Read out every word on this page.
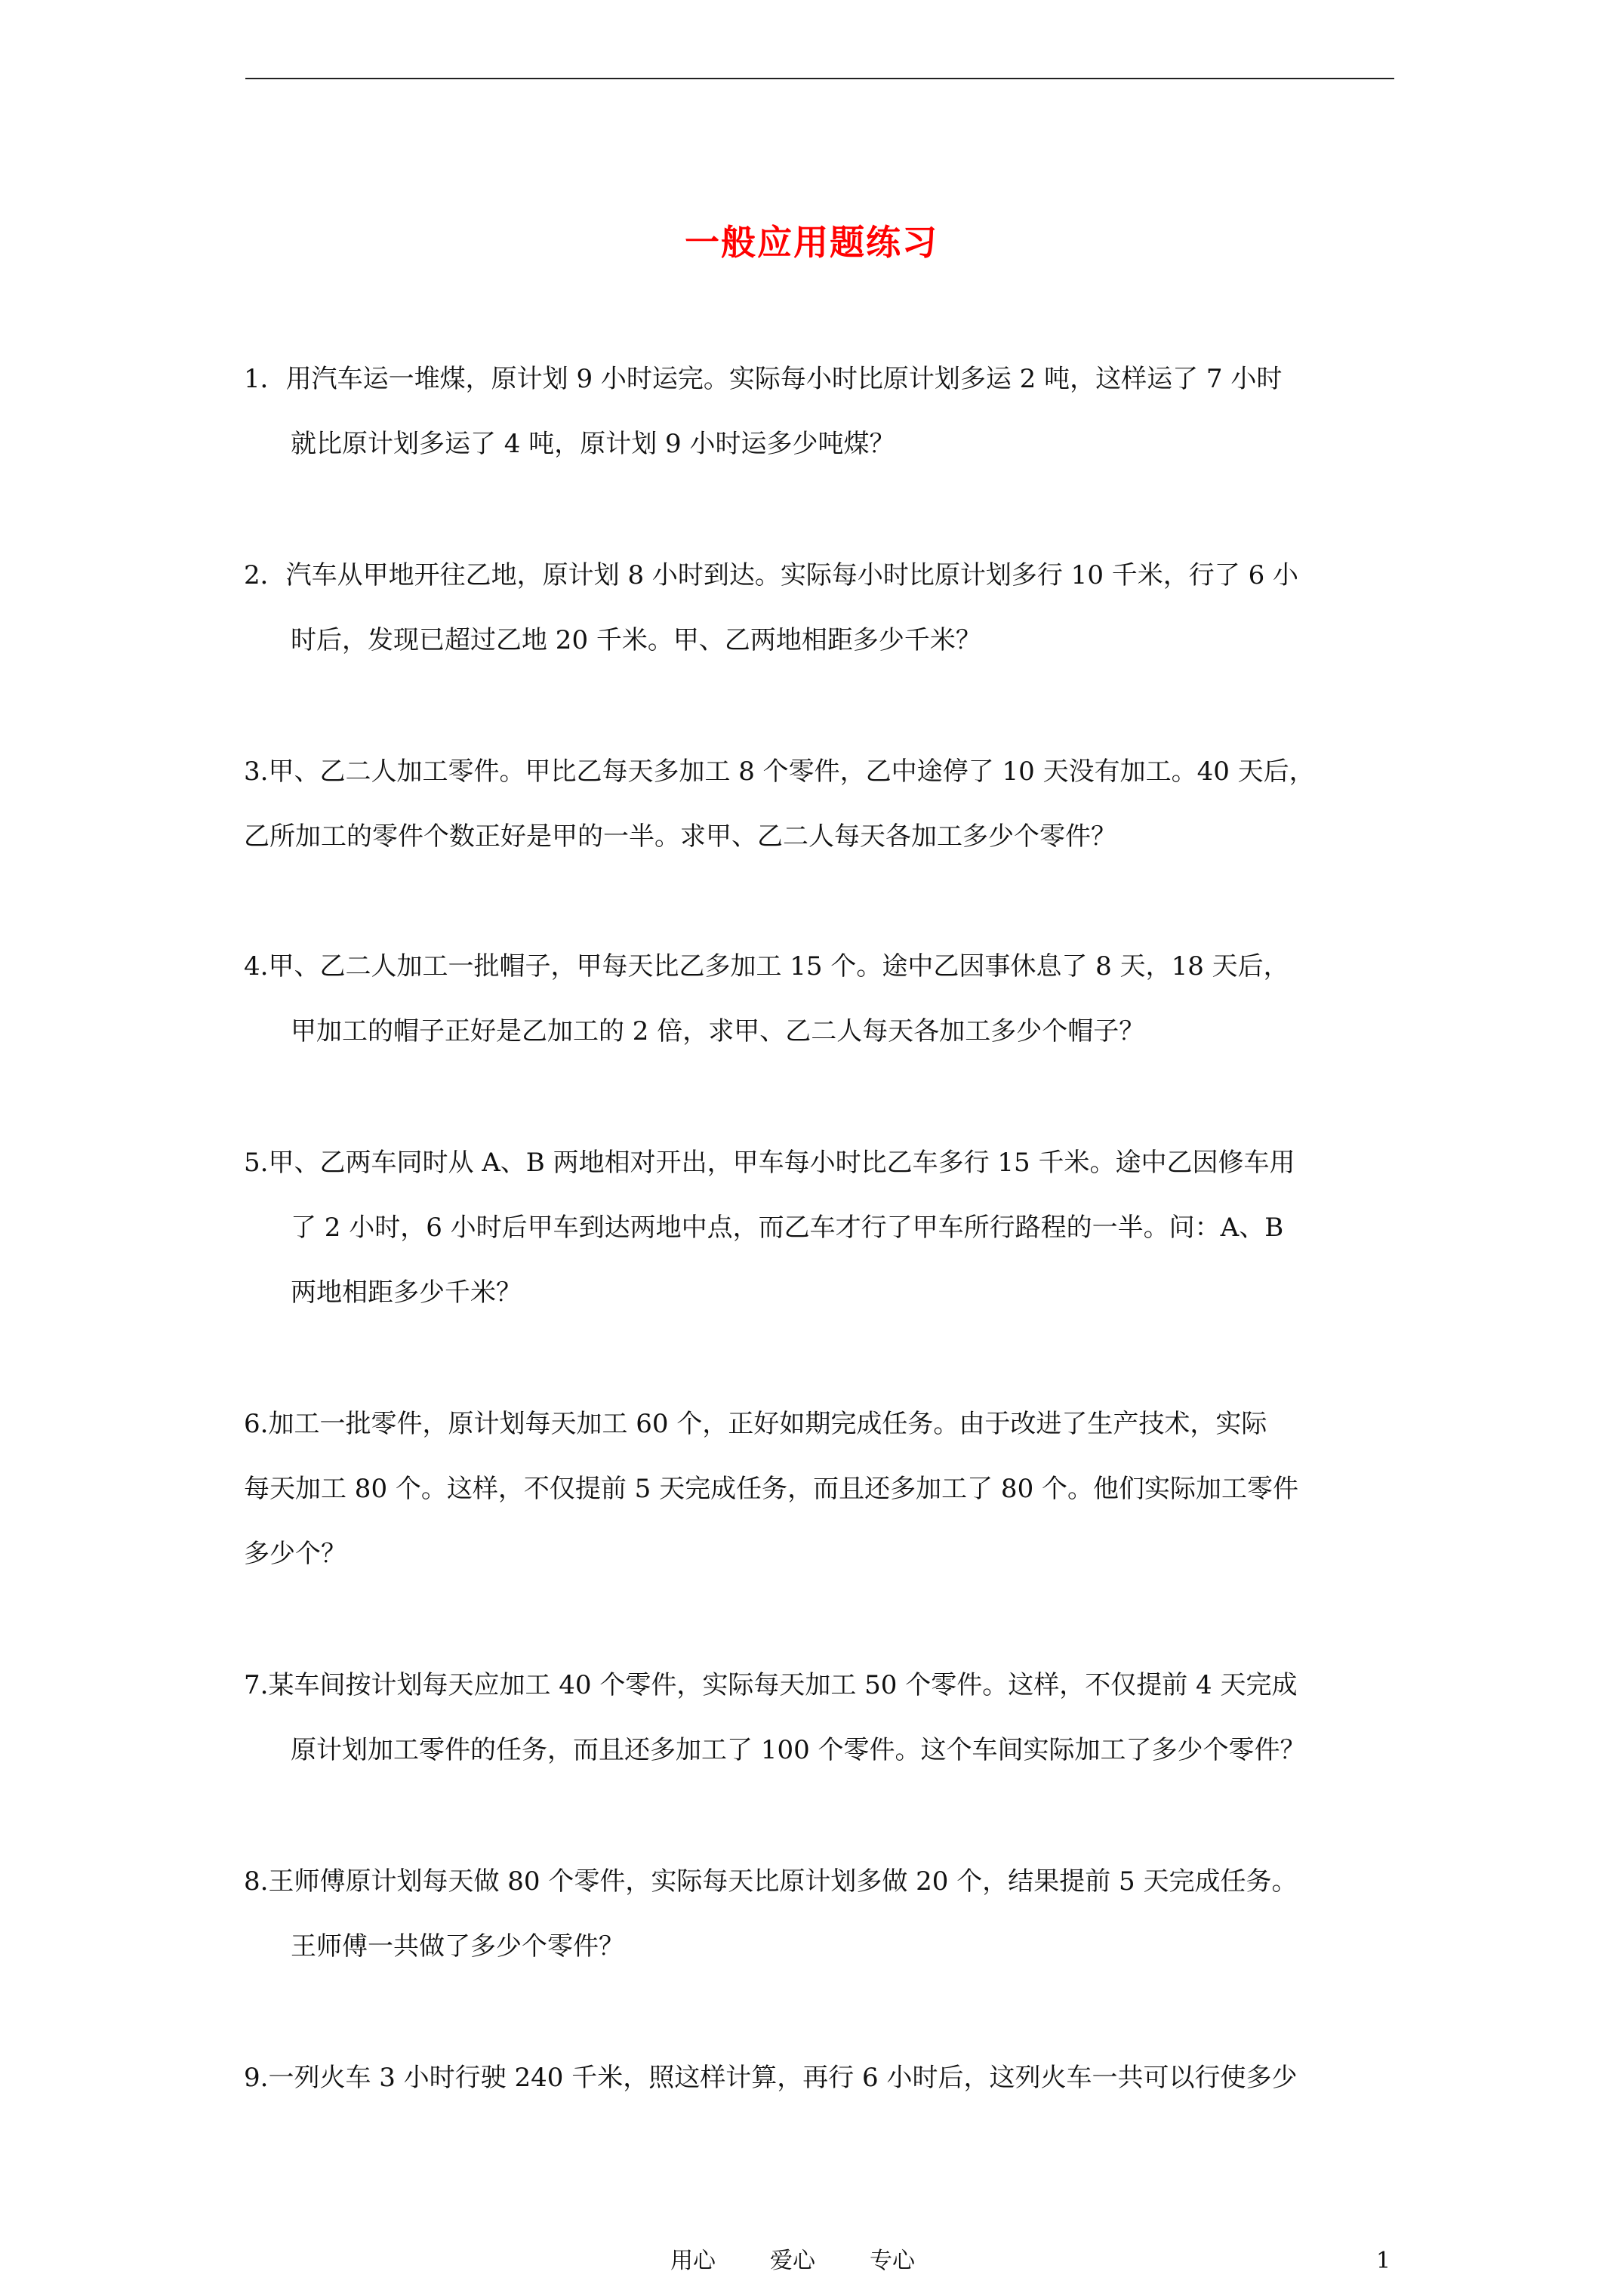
一般应用题练习
1．用汽车运一堆煤，原计划 9 小时运完。实际每小时比原计划多运 2 吨，这样运了 7 小时
就比原计划多运了 4 吨，原计划 9 小时运多少吨煤？
2．汽车从甲地开往乙地，原计划 8 小时到达。实际每小时比原计划多行 10 千米，行了 6 小
时后，发现已超过乙地 20 千米。甲、乙两地相距多少千米？
3.甲、乙二人加工零件。甲比乙每天多加工 8 个零件，乙中途停了 10 天没有加工。40 天后，
乙所加工的零件个数正好是甲的一半。求甲、乙二人每天各加工多少个零件？
4.甲、乙二人加工一批帽子，甲每天比乙多加工 15 个。途中乙因事休息了 8 天，18 天后，
甲加工的帽子正好是乙加工的 2 倍，求甲、乙二人每天各加工多少个帽子？
5.甲、乙两车同时从 A、B 两地相对开出，甲车每小时比乙车多行 15 千米。途中乙因修车用
了 2 小时，6 小时后甲车到达两地中点，而乙车才行了甲车所行路程的一半。问：A、B
两地相距多少千米？
6.加工一批零件，原计划每天加工 60 个，正好如期完成任务。由于改进了生产技术，实际
每天加工 80 个。这样，不仅提前 5 天完成任务，而且还多加工了 80 个。他们实际加工零件
多少个？
7.某车间按计划每天应加工 40 个零件，实际每天加工 50 个零件。这样，不仅提前 4 天完成
原计划加工零件的任务，而且还多加工了 100 个零件。这个车间实际加工了多少个零件？
8.王师傅原计划每天做 80 个零件，实际每天比原计划多做 20 个，结果提前 5 天完成任务。
王师傅一共做了多少个零件？
9.一列火车 3 小时行驶 240 千米，照这样计算，再行 6 小时后，这列火车一共可以行使多少
用心 爱心 专心	1
